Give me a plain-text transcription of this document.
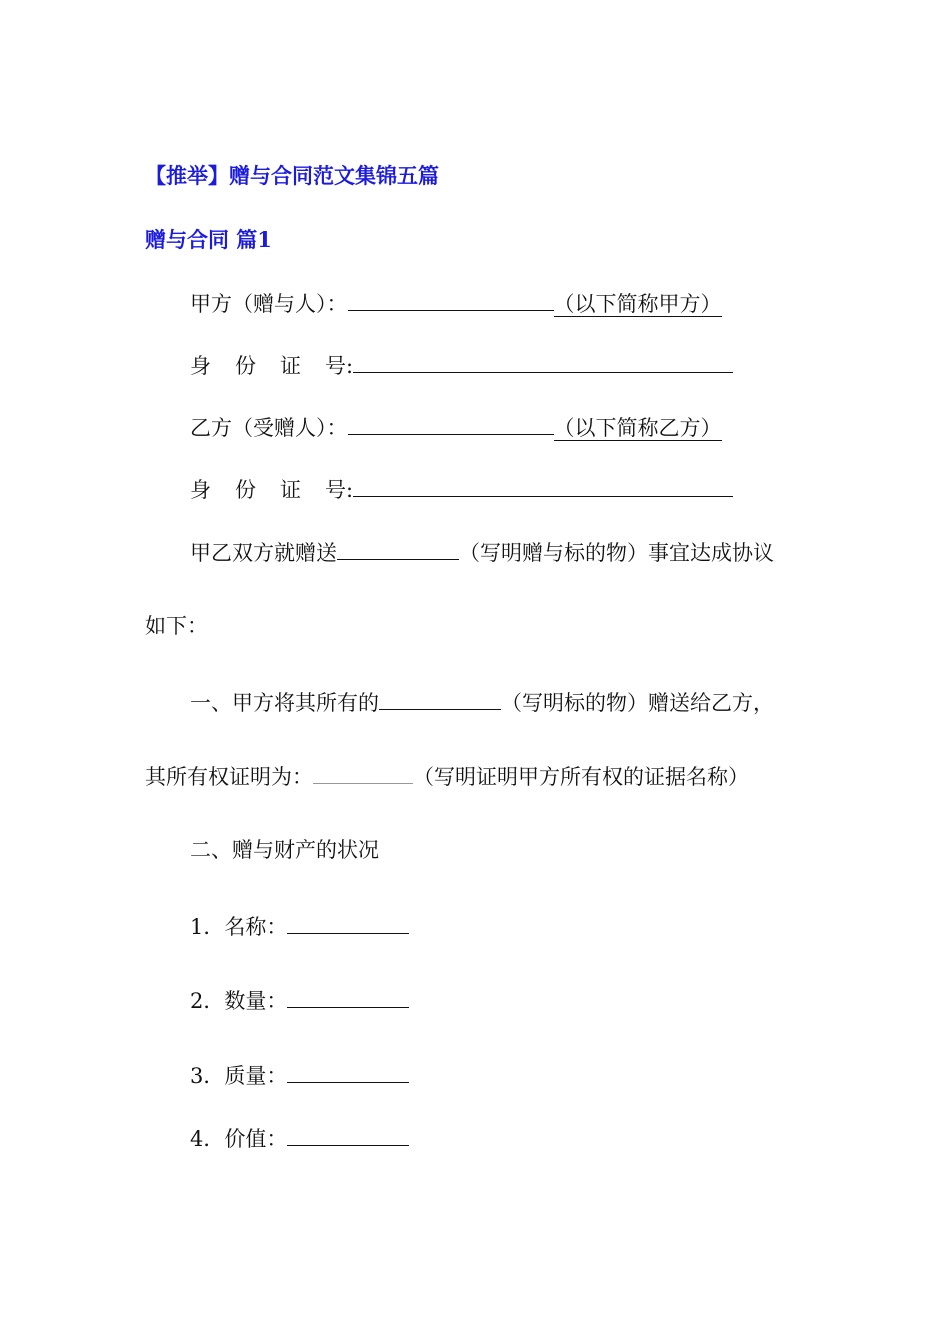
【推举】赠与合同范文集锦五篇
赠与合同 篇1
甲方（赠与人）：	（以下简称甲方）
身 份 证 号:
乙方（受赠人）：	（以下简称乙方）
身 份 证 号:
甲乙双方就赠送	（写明赠与标的物）事宜达成协议
如下：
一、甲方将其所有的	（写明标的物）赠送给乙方，
其所有权证明为：	（写明证明甲方所有权的证据名称）
二、赠与财产的状况
1．名称：
2．数量：
3．质量：
4．价值：
